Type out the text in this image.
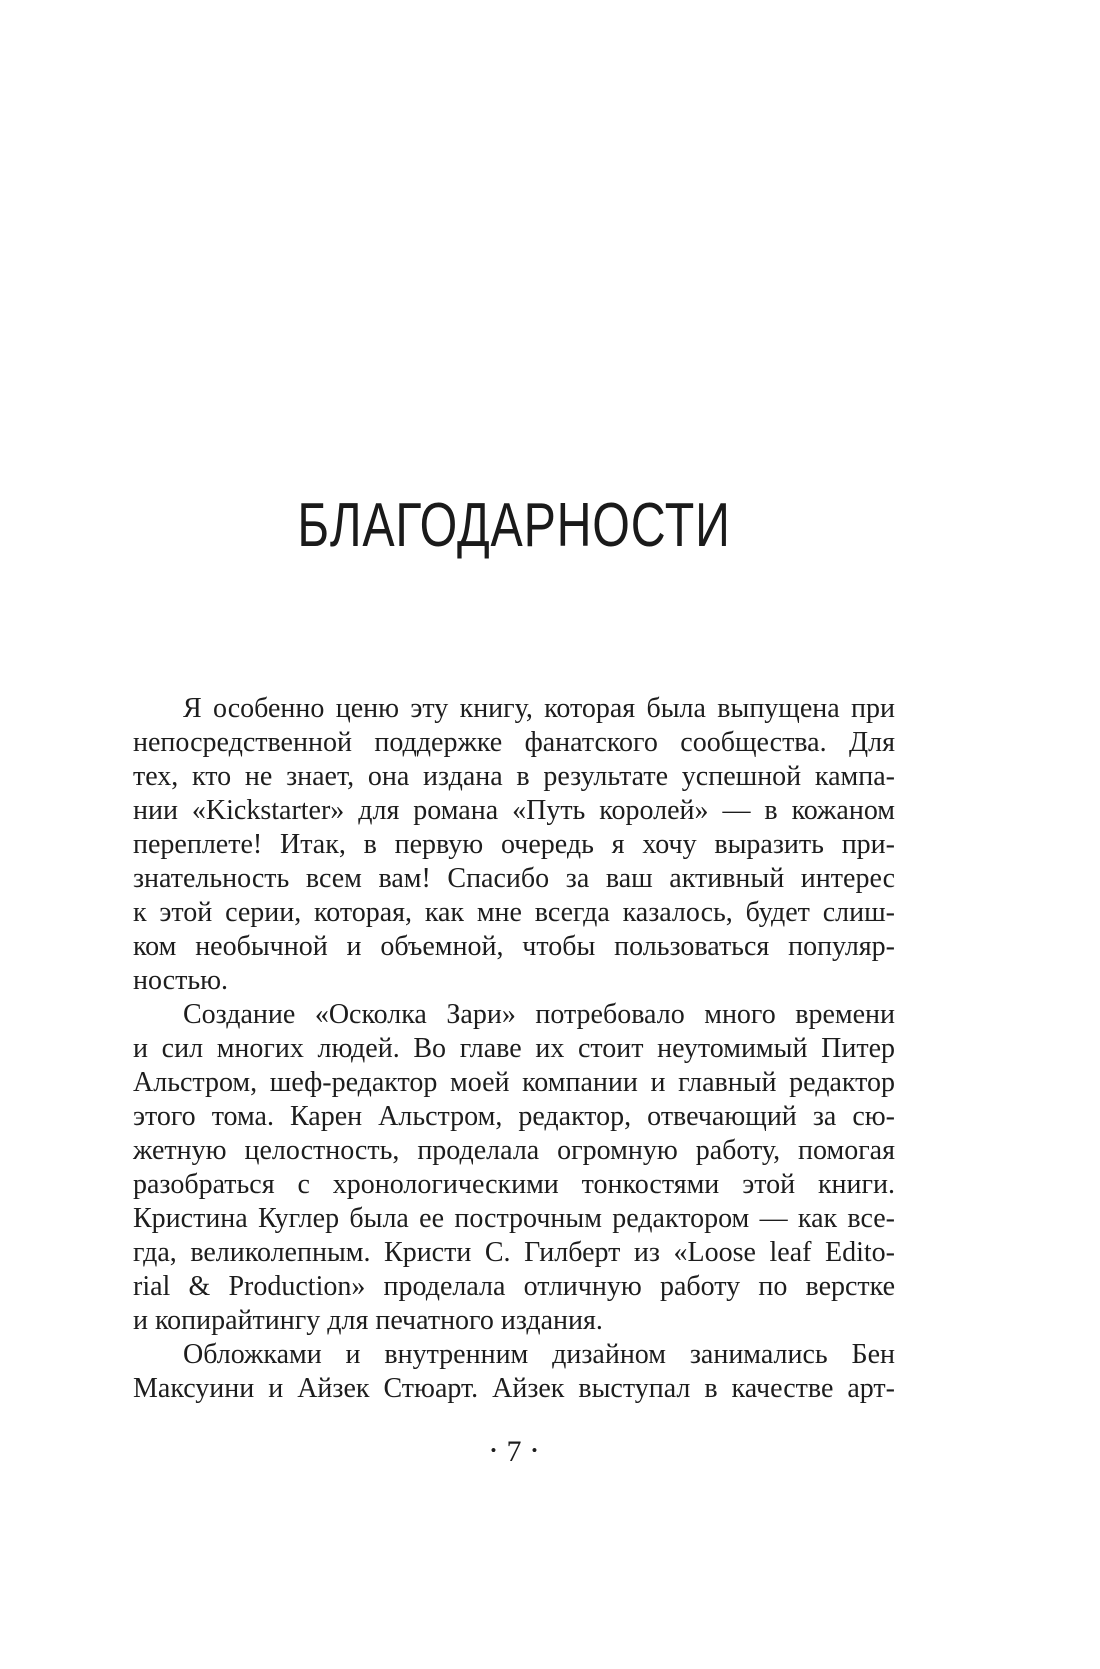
БЛАГОДАРНОСТИ
Я особенно ценю эту книгу, которая была выпущена при
непосредственной поддержке фанатского сообщества. Для
тех, кто не знает, она издана в результате успешной кампа-
нии «Kickstarter» для романа «Путь королей» — в кожаном
переплете! Итак, в первую очередь я хочу выразить при-
знательность всем вам! Спасибо за ваш активный интерес
к этой серии, которая, как мне всегда казалось, будет слиш-
ком необычной и объемной, чтобы пользоваться популяр-
ностью.
Создание «Осколка Зари» потребовало много времени
и сил многих людей. Во главе их стоит неутомимый Питер
Альстром, шеф-редактор моей компании и главный редактор
этого тома. Карен Альстром, редактор, отвечающий за сю-
жетную целостность, проделала огромную работу, помогая
разобраться с хронологическими тонкостями этой книги.
Кристина Куглер была ее построчным редактором — как все-
гда, великолепным. Кристи С. Гилберт из «Loose leaf Edito-
rial & Production» проделала отличную работу по верстке
и копирайтингу для печатного издания.
Обложками и внутренним дизайном занимались Бен
Максуини и Айзек Стюарт. Айзек выступал в качестве арт-
• 7 •
